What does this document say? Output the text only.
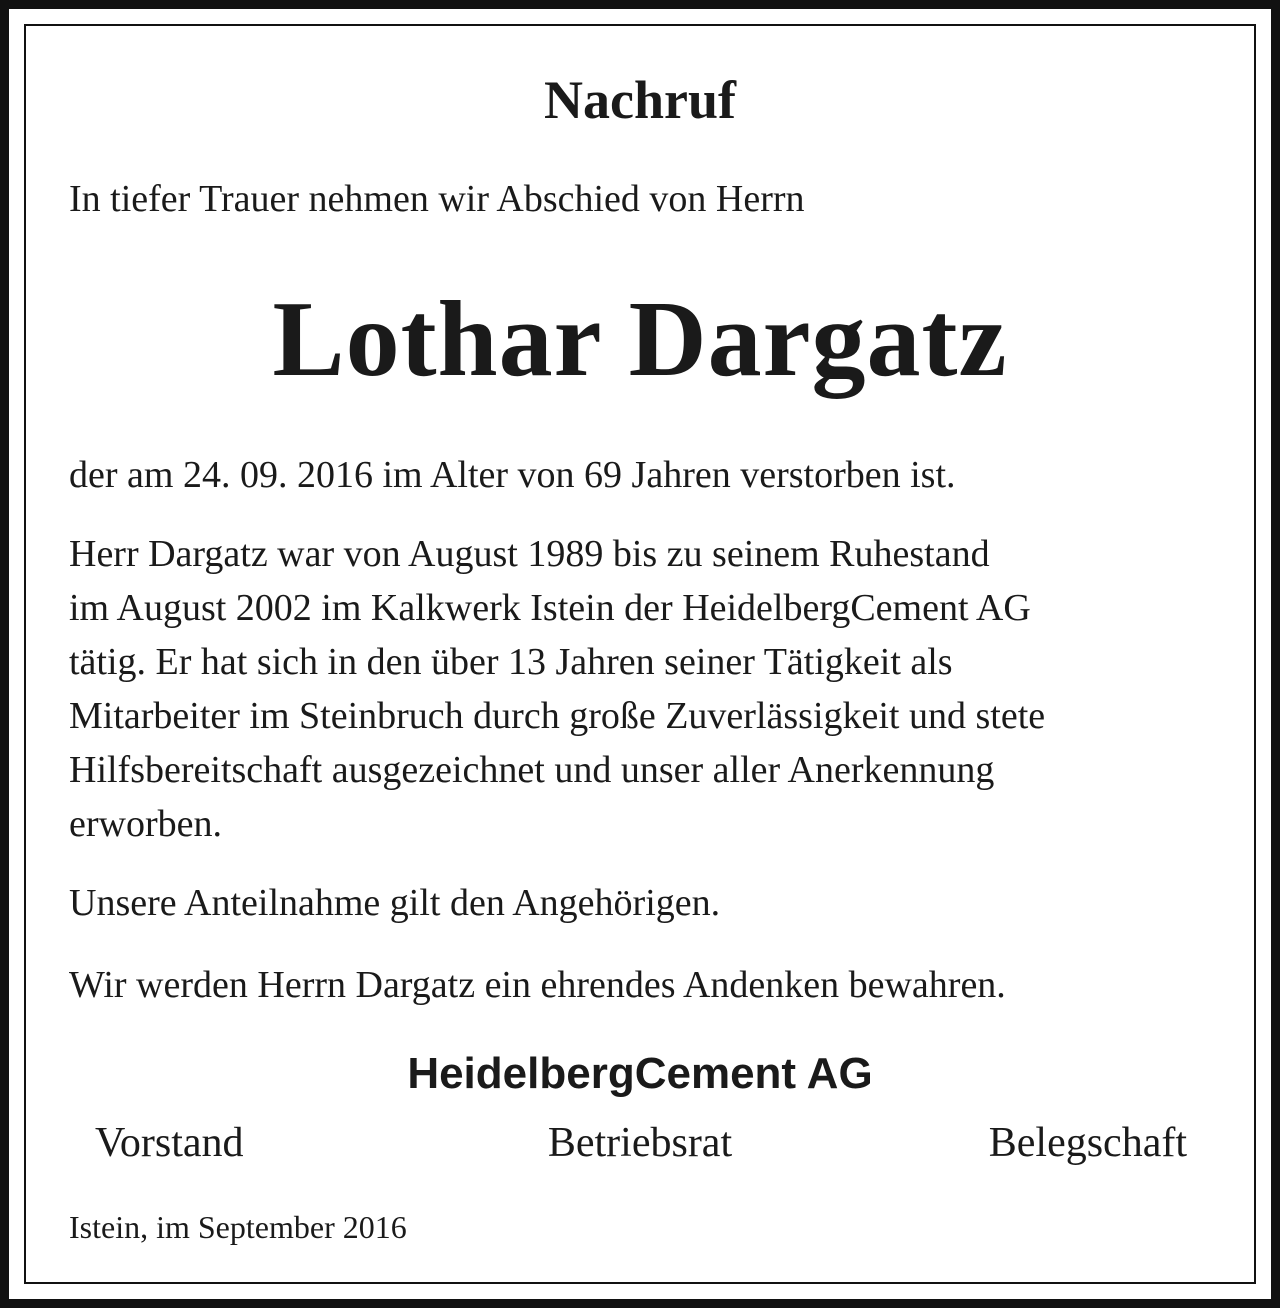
Nachruf

In tiefer Trauer nehmen wir Abschied von Herrn

Lothar Dargatz

der am 24. 09. 2016 im Alter von 69 Jahren verstorben ist.

Herr Dargatz war von August 1989 bis zu seinem Ruhestand
im August 2002 im Kalkwerk Istein der HeidelbergCement AG
tätig. Er hat sich in den über 13 Jahren seiner Tätigkeit als
Mitarbeiter im Steinbruch durch große Zuverlässigkeit und stete
Hilfsbereitschaft ausgezeichnet und unser aller Anerkennung
erworben.

Unsere Anteilnahme gilt den Angehörigen.

Wir werden Herrn Dargatz ein ehrendes Andenken bewahren.

HeidelbergCement AG
Vorstand	Betriebsrat	Belegschaft

Istein, im September 2016
